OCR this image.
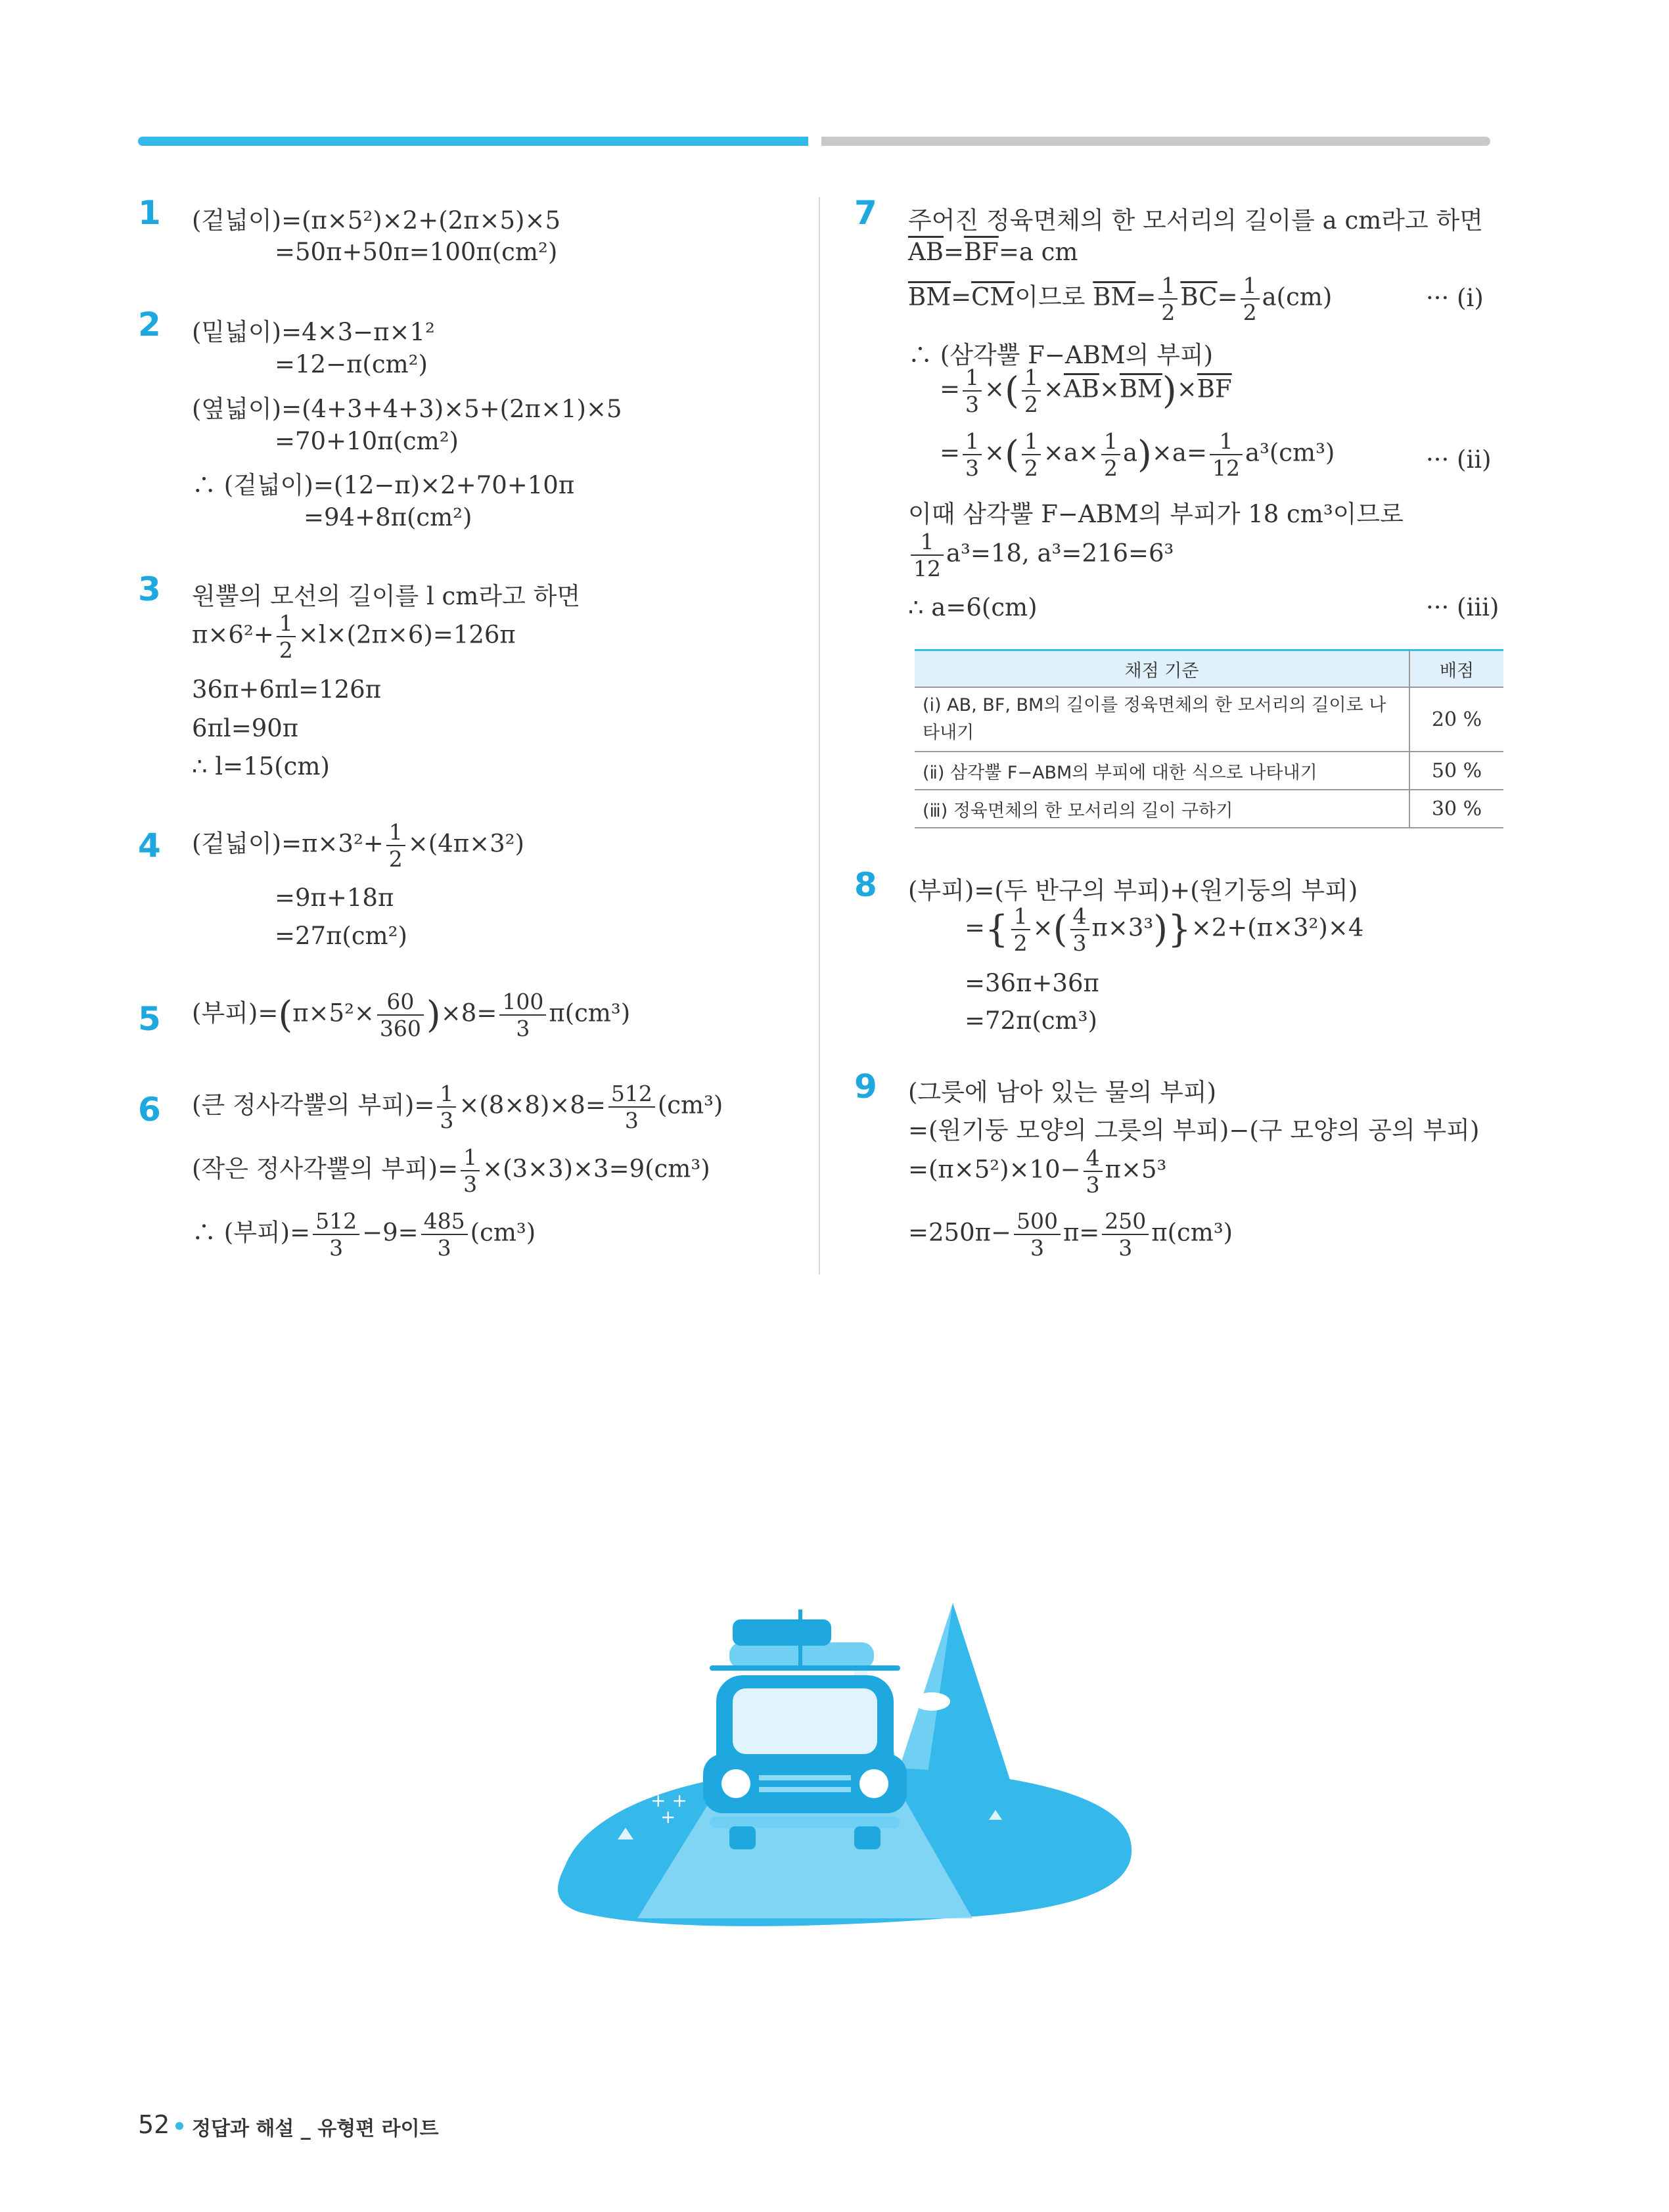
1 (겉넓이)=(π×5²)×2+(2π×5)×5
=50π+50π=100π(cm²)
2 (밑넓이)=4×3−π×1²
=12−π(cm²)
(옆넓이)=(4+3+4+3)×5+(2π×1)×5
=70+10π(cm²)
∴ (겉넓이)=(12−π)×2+70+10π
=94+8π(cm²)
3 원뿔의 모선의 길이를 l cm라고 하면
$\pi\times 6^2+ \frac{1}{2} \times l\times(2\pi\times 6)=126\pi$
36π+6πl=126π
6πl=90π
∴ l=15(cm)
4 (겉넓이)$=\pi\times 3^2+ \frac{1}{2} \times(4\pi\times 3^2)$
=9π+18π
=27π(cm²)
5 (부피)$=(\pi\times 5^2\times \frac{60}{360} )\times 8= \frac{100}{3} \pi(cm^3)$
6 (큰 정사각뿔의 부피)= $\frac{1}{3} \times(8\times 8)\times 8= \frac{512}{3} (cm^3)$
(작은 정사각뿔의 부피)= $\frac{1}{3} \times(3\times 3)\times 3=9(cm^3)$
∴ (부피)= $\frac{512}{3} -9= \frac{485}{3} (cm^3)$
7 주어진 정육면체의 한 모서리의 길이를 a cm라고 하면
$\overline{AB}=\overline{BF}=a$ cm
$\overline{BM}=\overline{CM}$이므로 $\overline{BM}= \frac{1}{2} \overline{BC}= \frac{1}{2} a(cm)$	··· (ⅰ)
∴ (삼각뿔 F−ABM의 부피)
= $\frac{1}{3}$ ×( $\frac{1}{2} \times\overline{AB}\times\overline{BM})\times\overline{BF}$
= $\frac{1}{3}$ ×( $\frac{1}{2} \times a\times \frac{1}{2} a)\times a= \frac{1}{12} a^3(cm^3)$	··· (ⅱ)
이때 삼각뿔 F−ABM의 부피가 18 cm³이므로
$\frac{1}{12} a^3=18$, a³=216=6³
∴ a=6(cm)	··· (ⅲ)
채점 기준	배점
(ⅰ) AB, BF, BM의 길이를 정육면체의 한 모서리의 길이로 나타내기	20 %
(ⅱ) 삼각뿔 F−ABM의 부피에 대한 식으로 나타내기	50 %
(ⅲ) 정육면체의 한 모서리의 길이 구하기	30 %
8 (부피)=(두 반구의 부피)+(원기둥의 부피)
={ $\frac{1}{2}$ ×( $\frac{4}{3} \pi\times 3^3)\}\times 2+(\pi\times 3^2)\times 4$
=36π+36π
=72π(cm³)
9 (그릇에 남아 있는 물의 부피)
=(원기둥 모양의 그릇의 부피)−(구 모양의 공의 부피)
$=(\pi\times 5^2)\times 10- \frac{4}{3} \pi\times 5^3$
$=250\pi- \frac{500}{3} \pi= \frac{250}{3} \pi(cm^3)$
+ +
+
52 정답과 해설 _ 유형편 라이트
